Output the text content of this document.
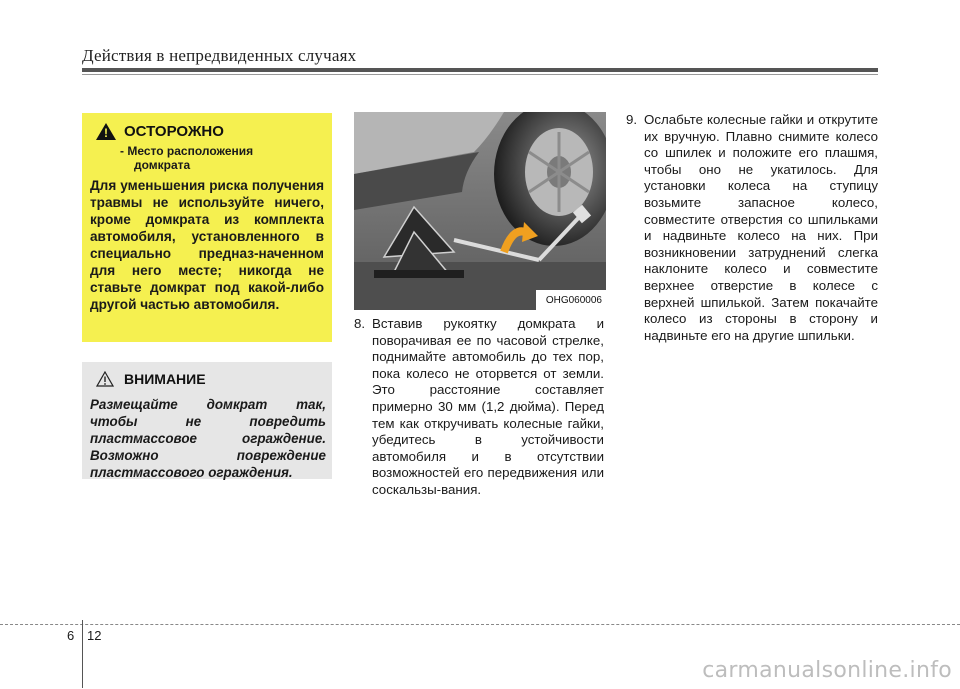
Действия в непредвиденных случаях
! ОСТОРОЖНО
- Место расположения
домкрата
Для уменьшения риска получения травмы не используйте ничего, кроме домкрата из комплекта автомобиля, установленного в специально предназ-наченном для него месте; никогда не ставьте домкрат под какой-либо другой частью автомобиля.
ВНИМАНИЕ
Размещайте домкрат так, чтобы не повредить пластмассовое ограждение. Возможно повреждение пластмассового ограждения.
OHG060006
8. Вставив рукоятку домкрата и поворачивая ее по часовой стрелке, поднимайте автомобиль до тех пор, пока колесо не оторвется от земли. Это расстояние составляет примерно 30 мм (1,2 дюйма). Перед тем как откручивать колесные гайки, убедитесь в устойчивости автомобиля и в отсутствии возможностей его передвижения или соскальзы-вания.
9. Ослабьте колесные гайки и открутите их вручную. Плавно снимите колесо со шпилек и положите его плашмя, чтобы оно не укатилось. Для установки колеса на ступицу возьмите запасное колесо, совместите отверстия со шпильками и надвиньте колесо на них. При возникновении затруднений слегка наклоните колесо и совместите верхнее отверстие в колесе с верхней шпилькой. Затем покачайте колесо из стороны в сторону и надвиньте его на другие шпильки.
6 12
carmanualsonline.info
